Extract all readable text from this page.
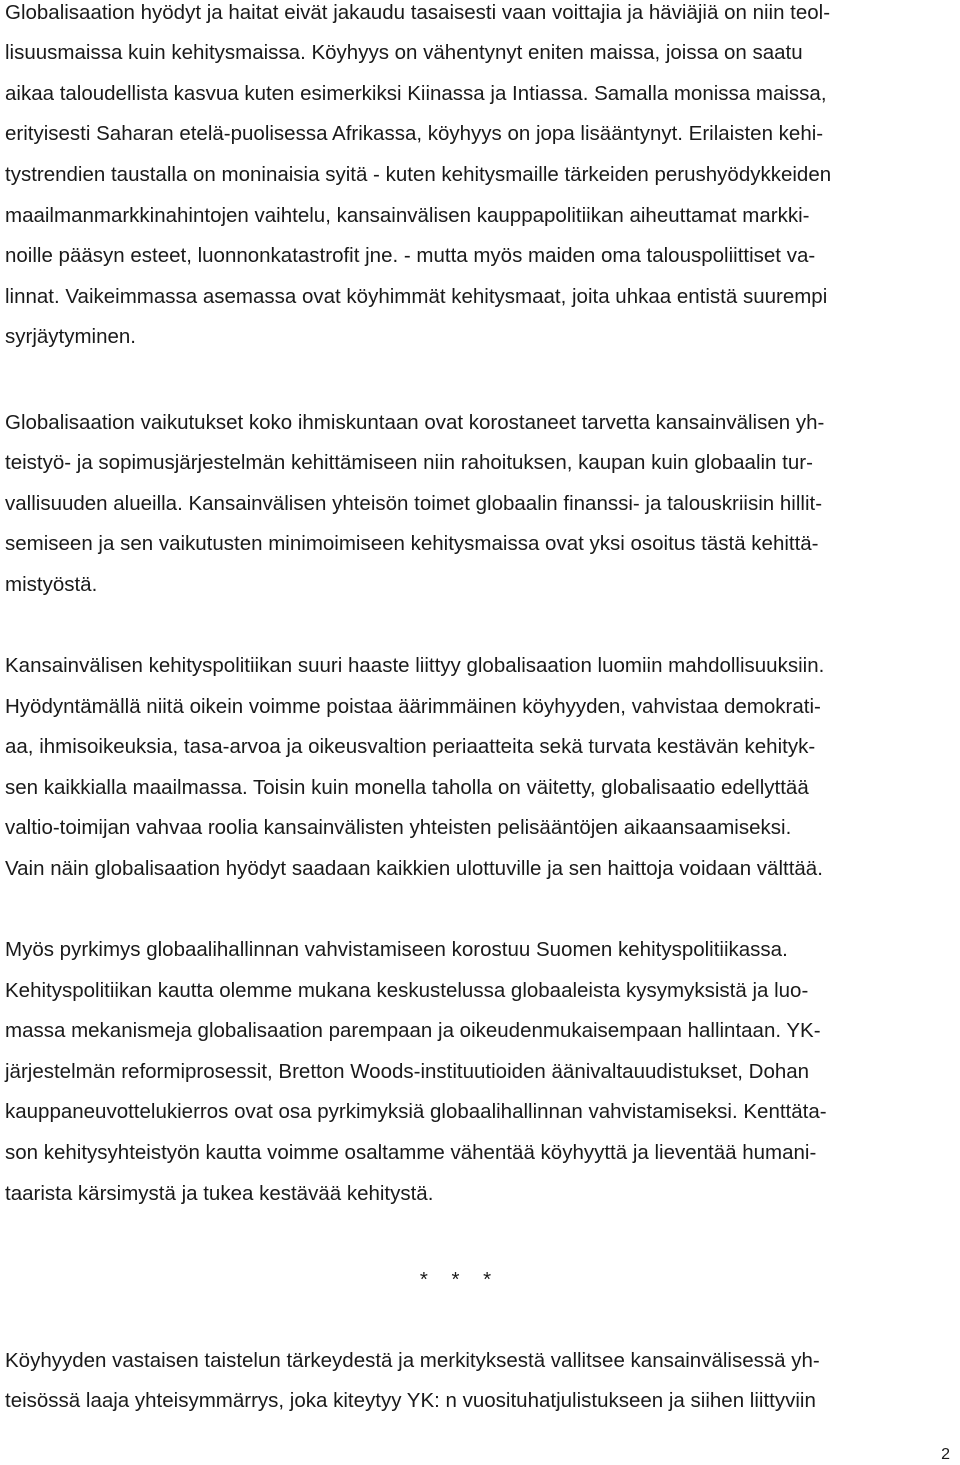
Globalisaation hyödyt ja haitat eivät jakaudu tasaisesti vaan voittajia ja häviäjiä on niin teol-

lisuusmaissa kuin kehitysmaissa. Köyhyys on vähentynyt eniten maissa, joissa on saatu

aikaa taloudellista kasvua kuten esimerkiksi Kiinassa ja Intiassa. Samalla monissa maissa,

erityisesti Saharan etelä-puolisessa Afrikassa, köyhyys on jopa lisääntynyt. Erilaisten kehi-

tystrendien taustalla on moninaisia syitä - kuten kehitysmaille tärkeiden perushyödykkeiden

maailmanmarkkinahintojen vaihtelu, kansainvälisen kauppapolitiikan aiheuttamat markki-

noille pääsyn esteet, luonnonkatastrofit jne. - mutta myös maiden oma talouspoliittiset va-

linnat. Vaikeimmassa asemassa ovat köyhimmät kehitysmaat, joita uhkaa entistä suurempi

syrjäytyminen.

Globalisaation vaikutukset koko ihmiskuntaan ovat korostaneet tarvetta kansainvälisen yh-

teistyö- ja sopimusjärjestelmän kehittämiseen niin rahoituksen, kaupan kuin globaalin tur-

vallisuuden alueilla. Kansainvälisen yhteisön toimet globaalin finanssi- ja talouskriisin hillit-

semiseen ja sen vaikutusten minimoimiseen kehitysmaissa ovat yksi osoitus tästä kehittä-

mistyöstä.

Kansainvälisen kehityspolitiikan suuri haaste liittyy globalisaation luomiin mahdollisuuksiin.

Hyödyntämällä niitä oikein voimme poistaa äärimmäinen köyhyyden, vahvistaa demokrati-

aa, ihmisoikeuksia, tasa-arvoa ja oikeusvaltion periaatteita sekä turvata kestävän kehityk-

sen kaikkialla maailmassa. Toisin kuin monella taholla on väitetty, globalisaatio edellyttää

valtio-toimijan vahvaa roolia kansainvälisten yhteisten pelisääntöjen aikaansaamiseksi.

Vain näin globalisaation hyödyt saadaan kaikkien ulottuville ja sen haittoja voidaan välttää.

Myös pyrkimys globaalihallinnan vahvistamiseen korostuu Suomen kehityspolitiikassa.

Kehityspolitiikan kautta olemme mukana keskustelussa globaaleista kysymyksistä ja luo-

massa mekanismeja globalisaation parempaan ja oikeudenmukaisempaan hallintaan. YK-

järjestelmän reformiprosessit, Bretton Woods-instituutioiden äänivaltauudistukset, Dohan

kauppaneuvottelukierros ovat osa pyrkimyksiä globaalihallinnan vahvistamiseksi. Kenttäta-

son kehitysyhteistyön kautta voimme osaltamme vähentää köyhyyttä ja lieventää humani-

taarista kärsimystä ja tukea kestävää kehitystä.

* * *

Köyhyyden vastaisen taistelun tärkeydestä ja merkityksestä vallitsee kansainvälisessä yh-

teisössä laaja yhteisymmärrys, joka kiteytyy YK: n vuosituhatjulistukseen ja siihen liittyviin

2
